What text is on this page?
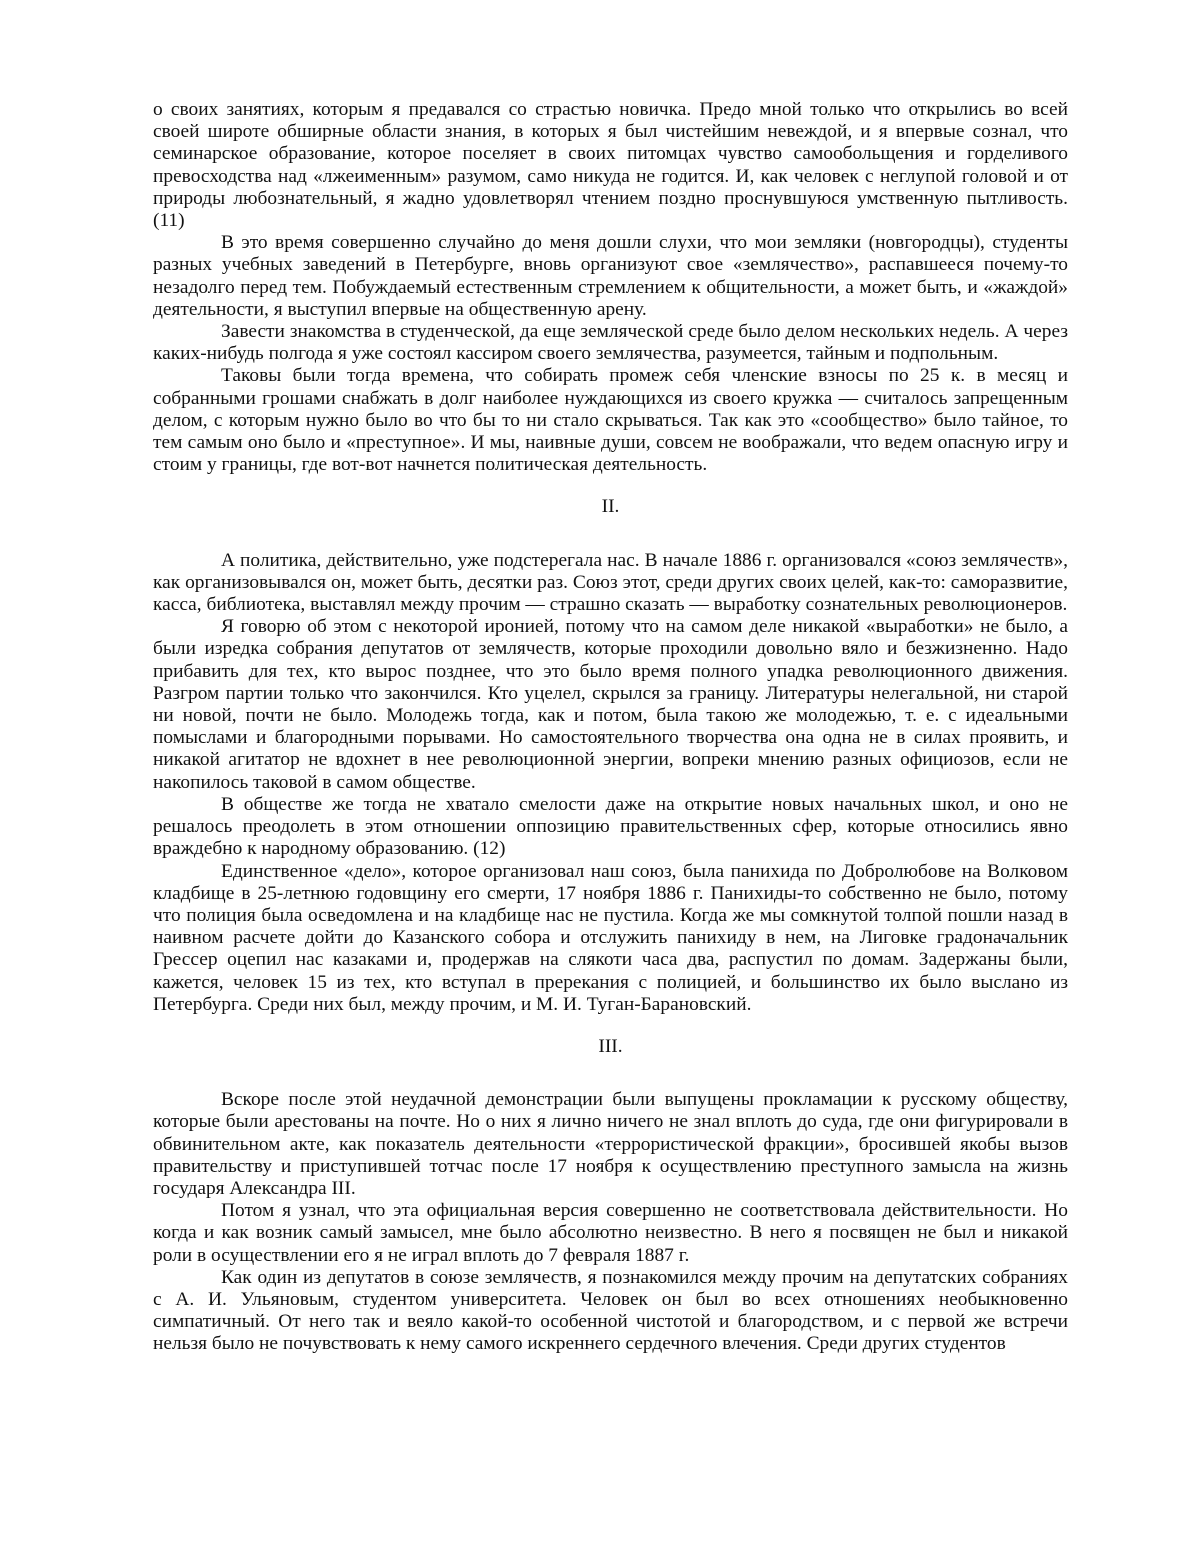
о своих занятиях, которым я предавался со страстью новичка. Предо мной только что открылись во всей своей широте обширные области знания, в которых я был чистейшим невеждой, и я впервые сознал, что семинарское образование, которое поселяет в своих питомцах чувство самообольщения и горделивого превосходства над «лжеименным» разумом, само никуда не годится. И, как человек с неглупой головой и от природы любознательный, я жадно удовлетворял чтением поздно проснувшуюся умственную пытливость. (11)

В это время совершенно случайно до меня дошли слухи, что мои земляки (новгородцы), студенты разных учебных заведений в Петербурге, вновь организуют свое «землячество», распавшееся почему-то незадолго перед тем. Побуждаемый естественным стремлением к общительности, а может быть, и «жаждой» деятельности, я выступил впервые на общественную арену.

Завести знакомства в студенческой, да еще земляческой среде было делом нескольких недель. А через каких-нибудь полгода я уже состоял кассиром своего землячества, разумеется, тайным и подпольным.

Таковы были тогда времена, что собирать промеж себя членские взносы по 25 к. в месяц и собранными грошами снабжать в долг наиболее нуждающихся из своего кружка — считалось запрещенным делом, с которым нужно было во что бы то ни стало скрываться. Так как это «сообщество» было тайное, то тем самым оно было и «преступное». И мы, наивные души, совсем не воображали, что ведем опасную игру и стоим у границы, где вот-вот начнется политическая деятельность.

II.

А политика, действительно, уже подстерегала нас. В начале 1886 г. организовался «союз землячеств», как организовывался он, может быть, десятки раз. Союз этот, среди других своих целей, как-то: саморазвитие, касса, библиотека, выставлял между прочим — страшно сказать — выработку сознательных революционеров.

Я говорю об этом с некоторой иронией, потому что на самом деле никакой «выработки» не было, а были изредка собрания депутатов от землячеств, которые проходили довольно вяло и безжизненно. Надо прибавить для тех, кто вырос позднее, что это было время полного упадка революционного движения. Разгром партии только что закончился. Кто уцелел, скрылся за границу. Литературы нелегальной, ни старой ни новой, почти не было. Молодежь тогда, как и потом, была такою же молодежью, т. е. с идеальными помыслами и благородными порывами. Но самостоятельного творчества она одна не в силах проявить, и никакой агитатор не вдохнет в нее революционной энергии, вопреки мнению разных официозов, если не накопилось таковой в самом обществе.

В обществе же тогда не хватало смелости даже на открытие новых начальных школ, и оно не решалось преодолеть в этом отношении оппозицию правительственных сфер, которые относились явно враждебно к народному образованию. (12)

Единственное «дело», которое организовал наш союз, была панихида по Добролюбове на Волковом кладбище в 25-летнюю годовщину его смерти, 17 ноября 1886 г. Панихиды-то собственно не было, потому что полиция была осведомлена и на кладбище нас не пустила. Когда же мы сомкнутой толпой пошли назад в наивном расчете дойти до Казанского собора и отслужить панихиду в нем, на Лиговке градоначальник Грессер оцепил нас казаками и, продержав на слякоти часа два, распустил по домам. Задержаны были, кажется, человек 15 из тех, кто вступал в пререкания с полицией, и большинство их было выслано из Петербурга. Среди них был, между прочим, и М. И. Туган-Барановский.

III.

Вскоре после этой неудачной демонстрации были выпущены прокламации к русскому обществу, которые были арестованы на почте. Но о них я лично ничего не знал вплоть до суда, где они фигурировали в обвинительном акте, как показатель деятельности «террористической фракции», бросившей якобы вызов правительству и приступившей тотчас после 17 ноября к осуществлению преступного замысла на жизнь государя Александра III.

Потом я узнал, что эта официальная версия совершенно не соответствовала действительности. Но когда и как возник самый замысел, мне было абсолютно неизвестно. В него я посвящен не был и никакой роли в осуществлении его я не играл вплоть до 7 февраля 1887 г.

Как один из депутатов в союзе землячеств, я познакомился между прочим на депутатских собраниях с А. И. Ульяновым, студентом университета. Человек он был во всех отношениях необыкновенно симпатичный. От него так и веяло какой-то особенной чистотой и благородством, и с первой же встречи нельзя было не почувствовать к нему самого искреннего сердечного влечения. Среди других студентов
